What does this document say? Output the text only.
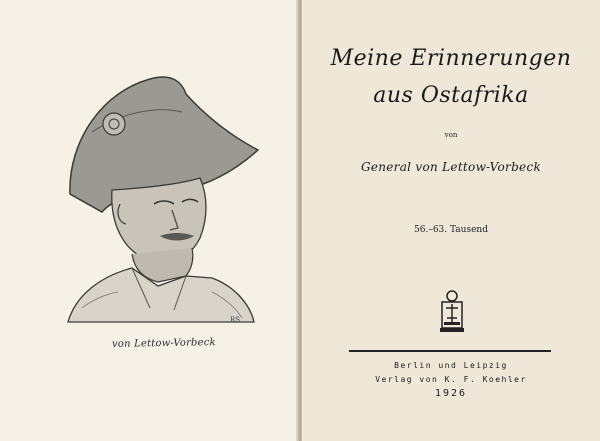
RS
von Lettow-Vorbeck
Meine Erinnerungen
aus Ostafrika
von
General von Lettow-Vorbeck
56.–63. Tausend
Berlin und Leipzig
Verlag von K. F. Koehler
1926
